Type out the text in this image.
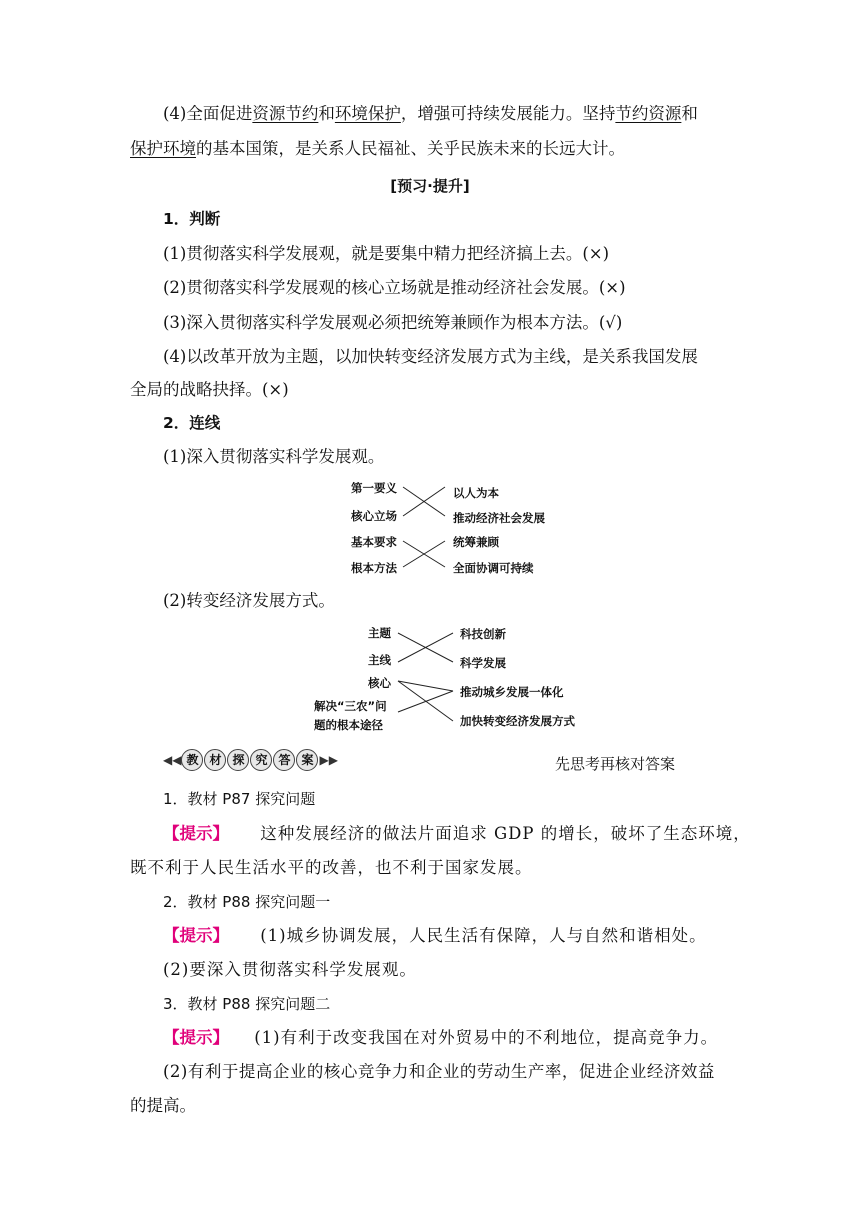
(4)全面促进资源节约和环境保护，增强可持续发展能力。坚持节约资源和
保护环境的基本国策，是关系人民福祉、关乎民族未来的长远大计。
[预习·提升]
1．判断
(1)贯彻落实科学发展观，就是要集中精力把经济搞上去。(×)
(2)贯彻落实科学发展观的核心立场就是推动经济社会发展。(×)
(3)深入贯彻落实科学发展观必须把统筹兼顾作为根本方法。(√)
(4)以改革开放为主题，以加快转变经济发展方式为主线，是关系我国发展
全局的战略抉择。(×)
2．连线
(1)深入贯彻落实科学发展观。
第一要义
核心立场
基本要求
根本方法
以人为本
推动经济社会发展
统筹兼顾
全面协调可持续
(2)转变经济发展方式。
主题
主线
核心
解决“三农”问
题的根本途径
科技创新
科学发展
推动城乡发展一体化
加快转变经济发展方式
◀◀ 教 材 探 究 答 案 ▶▶	先思考再核对答案
1．教材 P87 探究问题
【提示】 这种发展经济的做法片面追求 GDP 的增长，破坏了生态环境，
既不利于人民生活水平的改善，也不利于国家发展。
2．教材 P88 探究问题一
【提示】 (1)城乡协调发展，人民生活有保障，人与自然和谐相处。
(2)要深入贯彻落实科学发展观。
3．教材 P88 探究问题二
【提示】 (1)有利于改变我国在对外贸易中的不利地位，提高竞争力。
(2)有利于提高企业的核心竞争力和企业的劳动生产率，促进企业经济效益
的提高。
